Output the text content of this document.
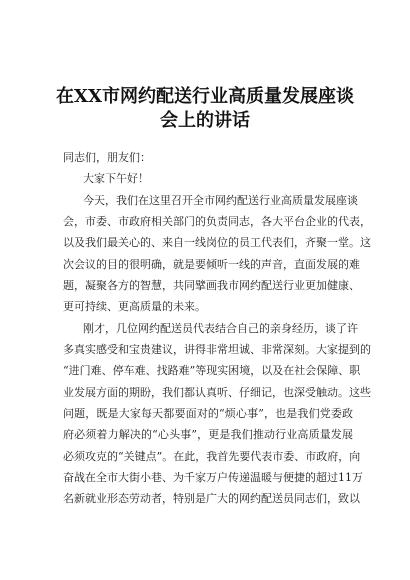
在XX市网约配送行业高质量发展座谈
会上的讲话
同志们，朋友们：
大家下午好！
今天，我们在这里召开全市网约配送行业高质量发展座谈
会，市委、市政府相关部门的负责同志，各大平台企业的代表，
以及我们最关心的、来自一线岗位的员工代表们，齐聚一堂。这
次会议的目的很明确，就是要倾听一线的声音，直面发展的难
题，凝聚各方的智慧，共同擘画我市网约配送行业更加健康、
更可持续、更高质量的未来。
刚才，几位网约配送员代表结合自己的亲身经历，谈了许
多真实感受和宝贵建议，讲得非常坦诚、非常深刻。大家提到的
“进门难、停车难、找路难”等现实困境，以及在社会保障、职
业发展方面的期盼，我们都认真听、仔细记，也深受触动。这些
问题，既是大家每天都要面对的“烦心事”，也是我们党委政
府必须着力解决的“心头事”，更是我们推动行业高质量发展
必须攻克的“关键点”。在此，我首先要代表市委、市政府，向
奋战在全市大街小巷、为千家万户传递温暖与便捷的超过11万
名新就业形态劳动者，特别是广大的网约配送员同志们，致以
